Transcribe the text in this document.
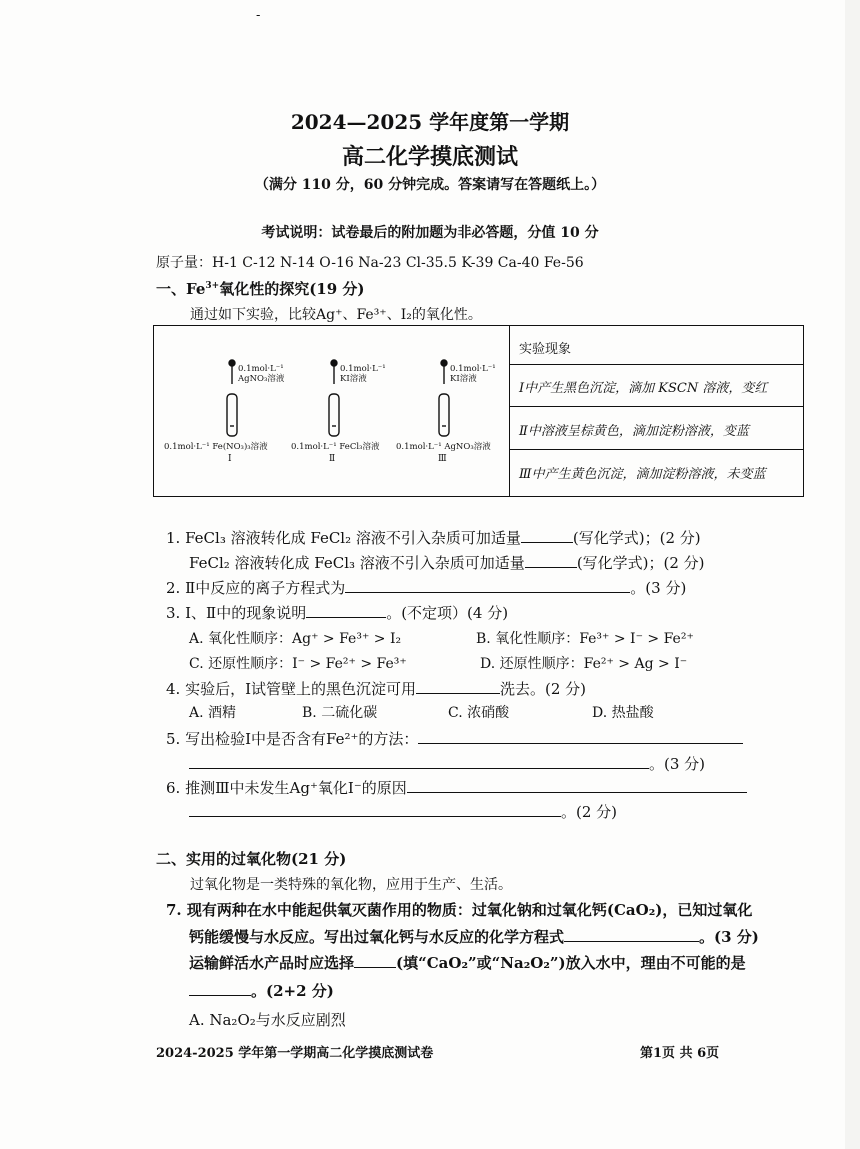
-
2024—2025 学年度第一学期
高二化学摸底测试
（满分 110 分，60 分钟完成。答案请写在答题纸上。）
考试说明：试卷最后的附加题为非必答题，分值 10 分
原子量：H-1 C-12 N-14 O-16 Na-23 Cl-35.5 K-39 Ca-40 Fe-56
一、$Fe^{3+}$氧化性的探究(19 分)
通过如下实验，比较Ag⁺、Fe³⁺、I₂的氧化性。
实验现象
Ⅰ中产生黑色沉淀，滴加 KSCN 溶液，变红
Ⅱ中溶液呈棕黄色，滴加淀粉溶液，变蓝
Ⅲ中产生黄色沉淀，滴加淀粉溶液，未变蓝
0.1mol·L⁻¹
AgNO₃溶液
0.1mol·L⁻¹
KI溶液
0.1mol·L⁻¹
KI溶液
0.1mol·L⁻¹ Fe(NO₃)₃溶液	0.1mol·L⁻¹ FeCl₃溶液 0.1mol·L⁻¹ AgNO₃溶液
Ⅰ	Ⅱ	Ⅲ
1. FeCl₃ 溶液转化成 FeCl₂ 溶液不引入杂质可加适量	(写化学式)；(2 分)
FeCl₂ 溶液转化成 FeCl₃ 溶液不引入杂质可加适量	(写化学式)；(2 分)
2. Ⅱ中反应的离子方程式为	。(3 分)
3. Ⅰ、Ⅱ中的现象说明	。(不定项）(4 分)
A. 氧化性顺序：Ag⁺ > Fe³⁺ > I₂	B. 氧化性顺序：Fe³⁺ > I⁻ > Fe²⁺
C. 还原性顺序：I⁻ > Fe²⁺ > Fe³⁺	D. 还原性顺序：Fe²⁺ > Ag > I⁻
4. 实验后，Ⅰ试管壁上的黑色沉淀可用	洗去。(2 分)
A. 酒精	B. 二硫化碳	C. 浓硝酸	D. 热盐酸
5. 写出检验Ⅰ中是否含有Fe²⁺的方法：
。(3 分)
6. 推测Ⅲ中未发生Ag⁺氧化I⁻的原因
。(2 分)
二、实用的过氧化物(21 分)
过氧化物是一类特殊的氧化物，应用于生产、生活。
7. 现有两种在水中能起供氧灭菌作用的物质：过氧化钠和过氧化钙(CaO₂)，已知过氧化
钙能缓慢与水反应。写出过氧化钙与水反应的化学方程式	。(3 分)
运输鲜活水产品时应选择	(填“CaO₂”或“Na₂O₂”)放入水中，理由不可能的是
。(2+2 分)
A. Na₂O₂与水反应剧烈
2024-2025 学年第一学期高二化学摸底测试卷	第1页 共 6页
